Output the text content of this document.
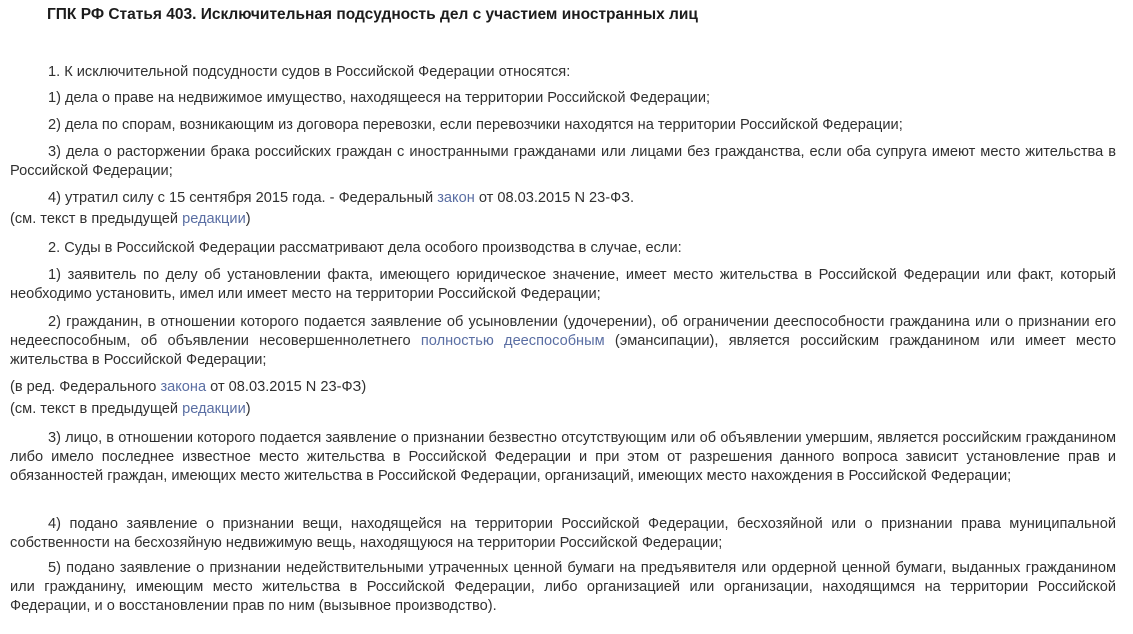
ГПК РФ Статья 403. Исключительная подсудность дел с участием иностранных лиц

1. К исключительной подсудности судов в Российской Федерации относятся:

1) дела о праве на недвижимое имущество, находящееся на территории Российской Федерации;

2) дела по спорам, возникающим из договора перевозки, если перевозчики находятся на территории Российской Федерации;

3) дела о расторжении брака российских граждан с иностранными гражданами или лицами без гражданства, если оба супруга имеют место жительства в Российской Федерации;

4) утратил силу с 15 сентября 2015 года. - Федеральный закон от 08.03.2015 N 23-ФЗ.

(см. текст в предыдущей редакции)

2. Суды в Российской Федерации рассматривают дела особого производства в случае, если:

1) заявитель по делу об установлении факта, имеющего юридическое значение, имеет место жительства в Российской Федерации или факт, который необходимо установить, имел или имеет место на территории Российской Федерации;

2) гражданин, в отношении которого подается заявление об усыновлении (удочерении), об ограничении дееспособности гражданина или о признании его недееспособным, об объявлении несовершеннолетнего полностью дееспособным (эмансипации), является российским гражданином или имеет место жительства в Российской Федерации;

(в ред. Федерального закона от 08.03.2015 N 23-ФЗ)

(см. текст в предыдущей редакции)

3) лицо, в отношении которого подается заявление о признании безвестно отсутствующим или об объявлении умершим, является российским гражданином либо имело последнее известное место жительства в Российской Федерации и при этом от разрешения данного вопроса зависит установление прав и обязанностей граждан, имеющих место жительства в Российской Федерации, организаций, имеющих место нахождения в Российской Федерации;

4) подано заявление о признании вещи, находящейся на территории Российской Федерации, бесхозяйной или о признании права муниципальной собственности на бесхозяйную недвижимую вещь, находящуюся на территории Российской Федерации;

5) подано заявление о признании недействительными утраченных ценной бумаги на предъявителя или ордерной ценной бумаги, выданных гражданином или гражданину, имеющим место жительства в Российской Федерации, либо организацией или организации, находящимся на территории Российской Федерации, и о восстановлении прав по ним (вызывное производство).
